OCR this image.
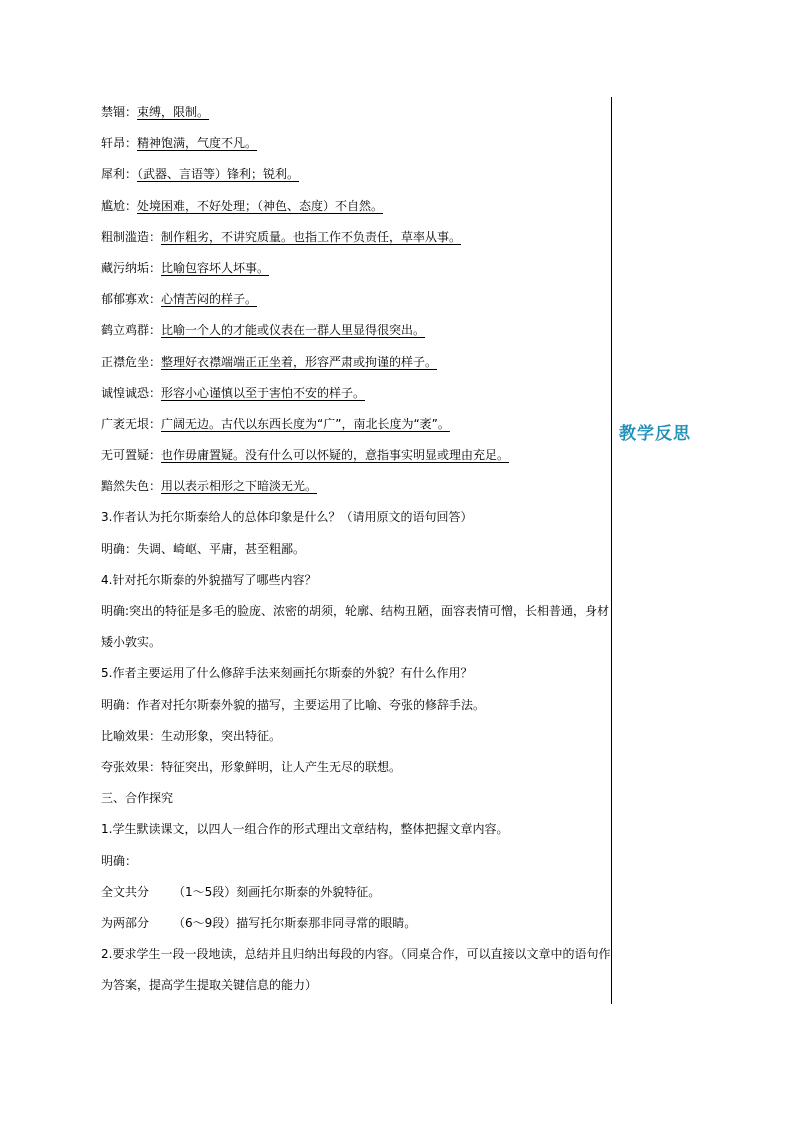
教学反思
禁锢：束缚，限制。
轩昂：精神饱满，气度不凡。
犀利：（武器、言语等）锋利；锐利。
尴尬：处境困难，不好处理；（神色、态度）不自然。
粗制滥造：制作粗劣，不讲究质量。也指工作不负责任，草率从事。
藏污纳垢：比喻包容坏人坏事。
郁郁寡欢：心情苦闷的样子。
鹤立鸡群：比喻一个人的才能或仪表在一群人里显得很突出。
正襟危坐：整理好衣襟端端正正坐着，形容严肃或拘谨的样子。
诚惶诚恐：形容小心谨慎以至于害怕不安的样子。
广袤无垠：广阔无边。古代以东西长度为“广”，南北长度为“袤”。
无可置疑：也作毋庸置疑。没有什么可以怀疑的，意指事实明显或理由充足。
黯然失色：用以表示相形之下暗淡无光。
3.作者认为托尔斯泰给人的总体印象是什么？（请用原文的语句回答）
明确：失调、崎岖、平庸，甚至粗鄙。
4.针对托尔斯泰的外貌描写了哪些内容？
明确:突出的特征是多毛的脸庞、浓密的胡须，轮廓、结构丑陋，面容表情可憎，长相普通，身材矮小敦实。
5.作者主要运用了什么修辞手法来刻画托尔斯泰的外貌？有什么作用？
明确：作者对托尔斯泰外貌的描写，主要运用了比喻、夸张的修辞手法。
比喻效果：生动形象，突出特征。
夸张效果：特征突出，形象鲜明，让人产生无尽的联想。
三、合作探究
1.学生默读课文，以四人一组合作的形式理出文章结构，整体把握文章内容。
明确：
全文共分 （1～5段）刻画托尔斯泰的外貌特征。
为两部分 （6～9段）描写托尔斯泰那非同寻常的眼睛。
2.要求学生一段一段地读，总结并且归纳出每段的内容。（同桌合作，可以直接以文章中的语句作为答案，提高学生提取关键信息的能力）
